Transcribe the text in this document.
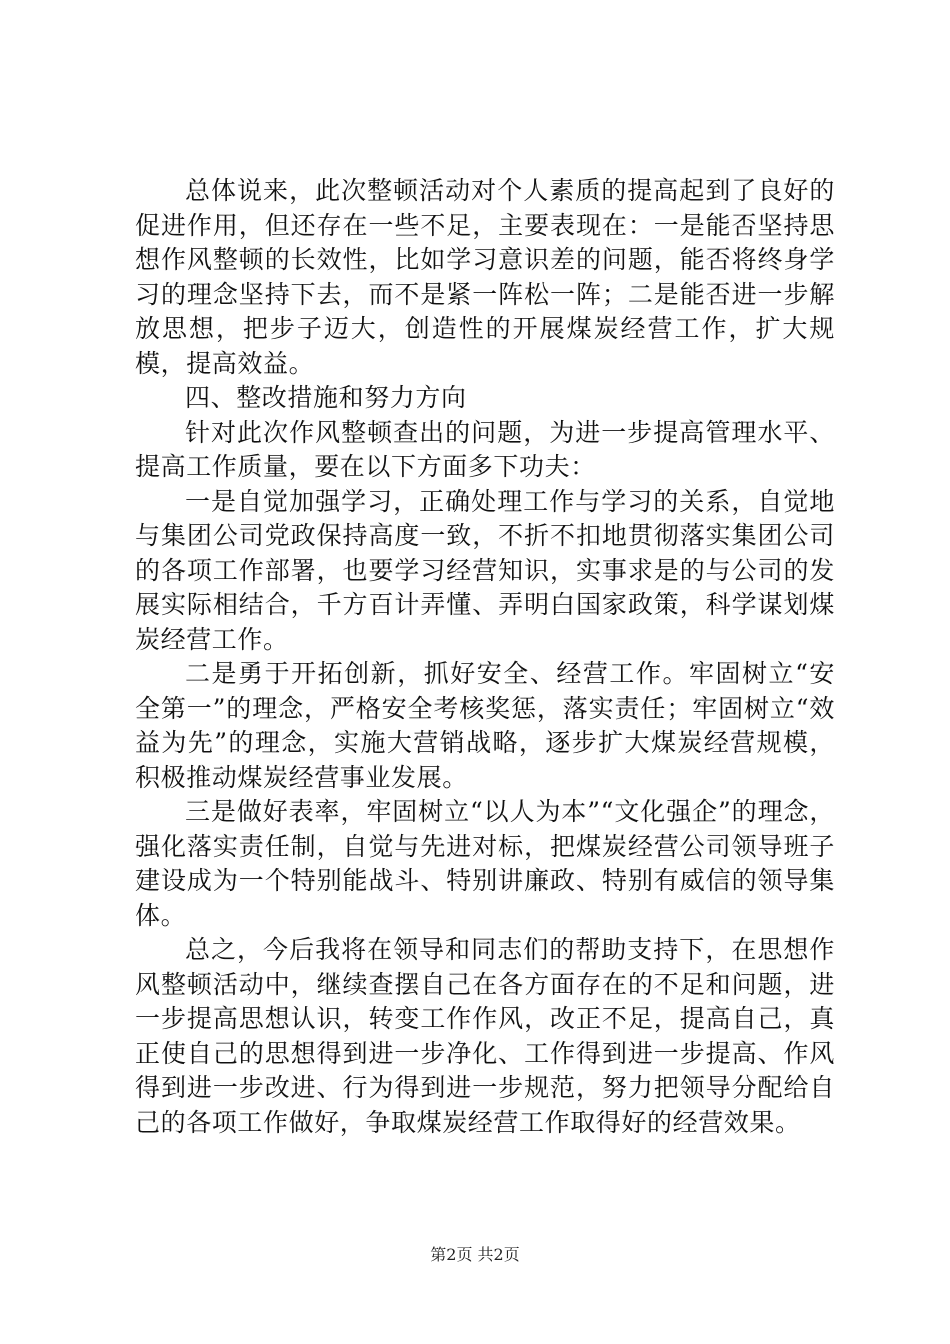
总体说来，此次整顿活动对个人素质的提高起到了良好的促进作用，但还存在一些不足，主要表现在：一是能否坚持思想作风整顿的长效性，比如学习意识差的问题，能否将终身学习的理念坚持下去，而不是紧一阵松一阵；二是能否进一步解放思想，把步子迈大，创造性的开展煤炭经营工作，扩大规模，提高效益。

四、整改措施和努力方向

针对此次作风整顿查出的问题，为进一步提高管理水平、提高工作质量，要在以下方面多下功夫：

一是自觉加强学习，正确处理工作与学习的关系，自觉地与集团公司党政保持高度一致，不折不扣地贯彻落实集团公司的各项工作部署，也要学习经营知识，实事求是的与公司的发展实际相结合，千方百计弄懂、弄明白国家政策，科学谋划煤炭经营工作。

二是勇于开拓创新，抓好安全、经营工作。牢固树立“安全第一”的理念，严格安全考核奖惩，落实责任；牢固树立“效益为先”的理念，实施大营销战略，逐步扩大煤炭经营规模，积极推动煤炭经营事业发展。

三是做好表率，牢固树立“以人为本”“文化强企”的理念，强化落实责任制，自觉与先进对标，把煤炭经营公司领导班子建设成为一个特别能战斗、特别讲廉政、特别有威信的领导集体。

总之，今后我将在领导和同志们的帮助支持下，在思想作风整顿活动中，继续查摆自己在各方面存在的不足和问题，进一步提高思想认识，转变工作作风，改正不足，提高自己，真正使自己的思想得到进一步净化、工作得到进一步提高、作风得到进一步改进、行为得到进一步规范，努力把领导分配给自己的各项工作做好，争取煤炭经营工作取得好的经营效果。

第2页 共2页
